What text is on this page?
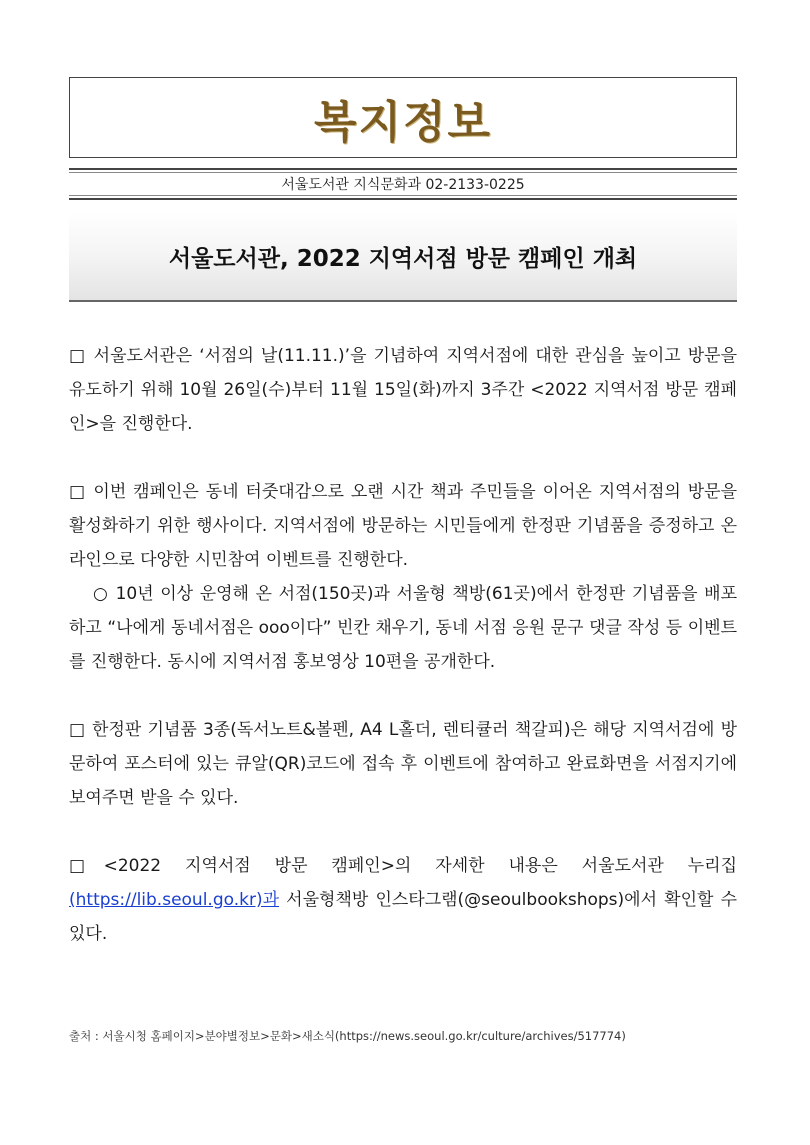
복지정보
서울도서관 지식문화과 02-2133-0225
서울도서관, 2022 지역서점 방문 캠페인 개최

□ 서울도서관은 ‘서점의 날(11.11.)’을 기념하여 지역서점에 대한 관심을 높이고 방문을 유도하기 위해 10월 26일(수)부터 11월 15일(화)까지 3주간 <2022 지역서점 방문 캠페인>을 진행한다.

□ 이번 캠페인은 동네 터줏대감으로 오랜 시간 책과 주민들을 이어온 지역서점의 방문을 활성화하기 위한 행사이다. 지역서점에 방문하는 시민들에게 한정판 기념품을 증정하고 온라인으로 다양한 시민참여 이벤트를 진행한다.

○ 10년 이상 운영해 온 서점(150곳)과 서울형 책방(61곳)에서 한정판 기념품을 배포하고 “나에게 동네서점은 ooo이다” 빈칸 채우기, 동네 서점 응원 문구 댓글 작성 등 이벤트를 진행한다. 동시에 지역서점 홍보영상 10편을 공개한다.

□ 한정판 기념품 3종(독서노트&볼펜, A4 L홀더, 렌티큘러 책갈피)은 해당 지역서검에 방문하여 포스터에 있는 큐알(QR)코드에 접속 후 이벤트에 참여하고 완료화면을 서점지기에 보여주면 받을 수 있다.

□<2022 지역서점 방문 캠페인>의 자세한 내용은 서울도서관 누리집 (https://lib.seoul.go.kr)과 서울형책방 인스타그램(@seoulbookshops)에서 확인할 수 있다.

출처 : 서울시청 홈페이지>분야별정보>문화>새소식(https://news.seoul.go.kr/culture/archives/517774)
